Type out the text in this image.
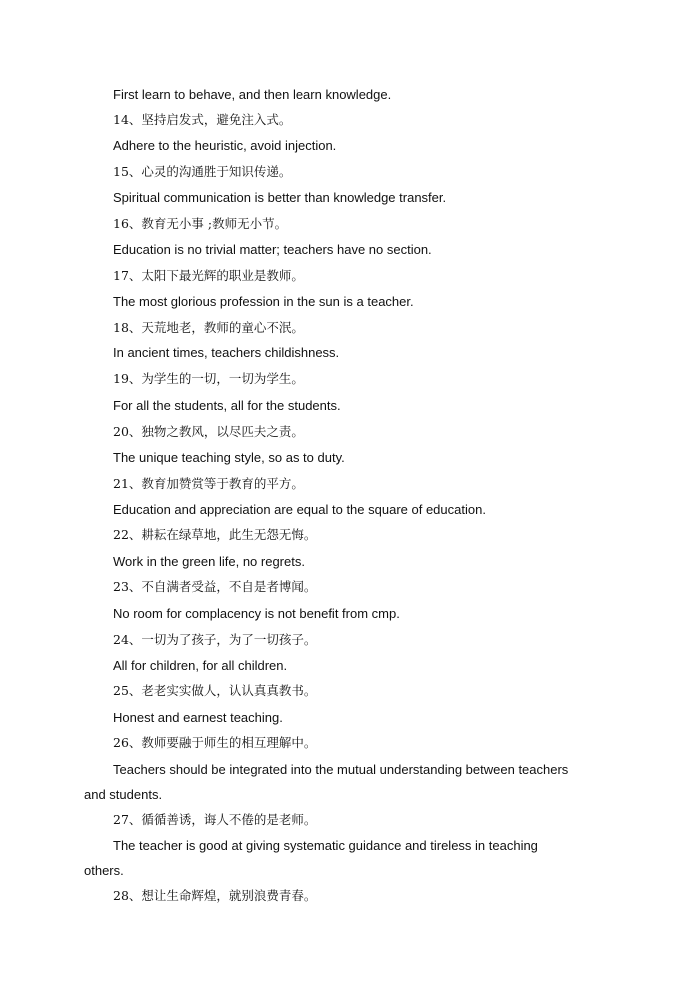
First learn to behave, and then learn knowledge.
14、坚持启发式，避免注入式。
Adhere to the heuristic, avoid injection.
15、心灵的沟通胜于知识传递。
Spiritual communication is better than knowledge transfer.
16、教育无小事 ;教师无小节。
Education is no trivial matter; teachers have no section.
17、太阳下最光辉的职业是教师。
The most glorious profession in the sun is a teacher.
18、天荒地老，教师的童心不泯。
In ancient times, teachers childishness.
19、为学生的一切，一切为学生。
For all the students, all for the students.
20、独物之教风，以尽匹夫之责。
The unique teaching style, so as to duty.
21、教育加赞赏等于教育的平方。
Education and appreciation are equal to the square of education.
22、耕耘在绿草地，此生无怨无悔。
Work in the green life, no regrets.
23、不自满者受益，不自是者博闻。
No room for complacency is not benefit from cmp.
24、一切为了孩子，为了一切孩子。
All for children, for all children.
25、老老实实做人，认认真真教书。
Honest and earnest teaching.
26、教师要融于师生的相互理解中。
Teachers should be integrated into the mutual understanding between teachers
and students.
27、循循善诱，诲人不倦的是老师。
The teacher is good at giving systematic guidance and tireless in teaching
others.
28、想让生命辉煌，就别浪费青春。
